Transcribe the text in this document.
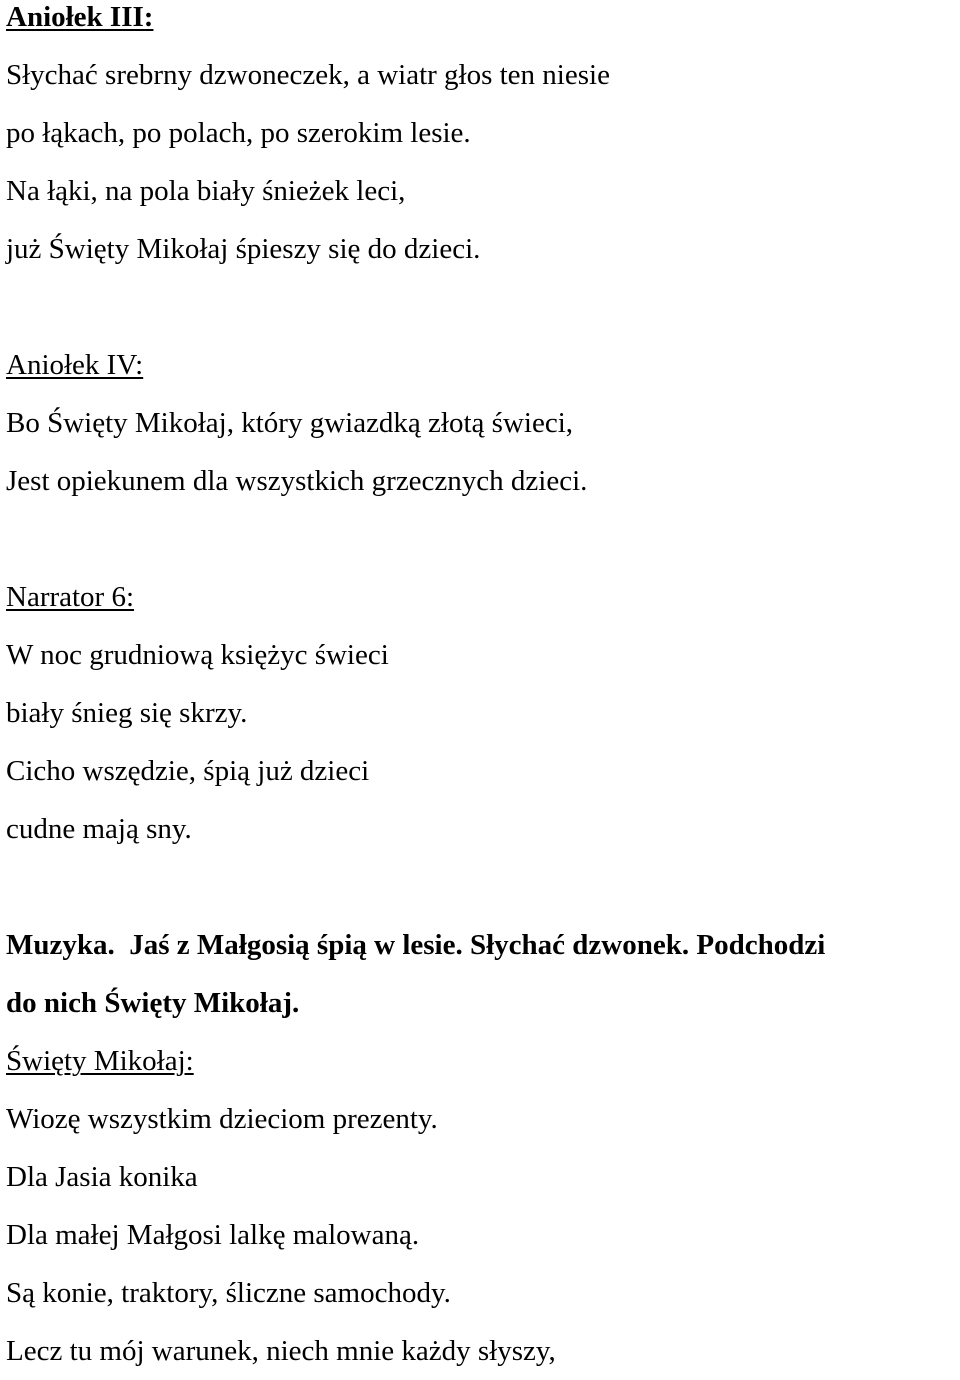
Aniołek III:
Słychać srebrny dzwoneczek, a wiatr głos ten niesie
po łąkach, po polach, po szerokim lesie.
Na łąki, na pola biały śnieżek leci,
już Święty Mikołaj śpieszy się do dzieci.
Aniołek IV:
Bo Święty Mikołaj, który gwiazdką złotą świeci,
Jest opiekunem dla wszystkich grzecznych dzieci.
Narrator 6:
W noc grudniową księżyc świeci
biały śnieg się skrzy.
Cicho wszędzie, śpią już dzieci
cudne mają sny.
Muzyka.  Jaś z Małgosią śpią w lesie. Słychać dzwonek. Podchodzi
do nich Święty Mikołaj.
Święty Mikołaj:
Wiozę wszystkim dzieciom prezenty.
Dla Jasia konika
Dla małej Małgosi lalkę malowaną.
Są konie, traktory, śliczne samochody.
Lecz tu mój warunek, niech mnie każdy słyszy,
